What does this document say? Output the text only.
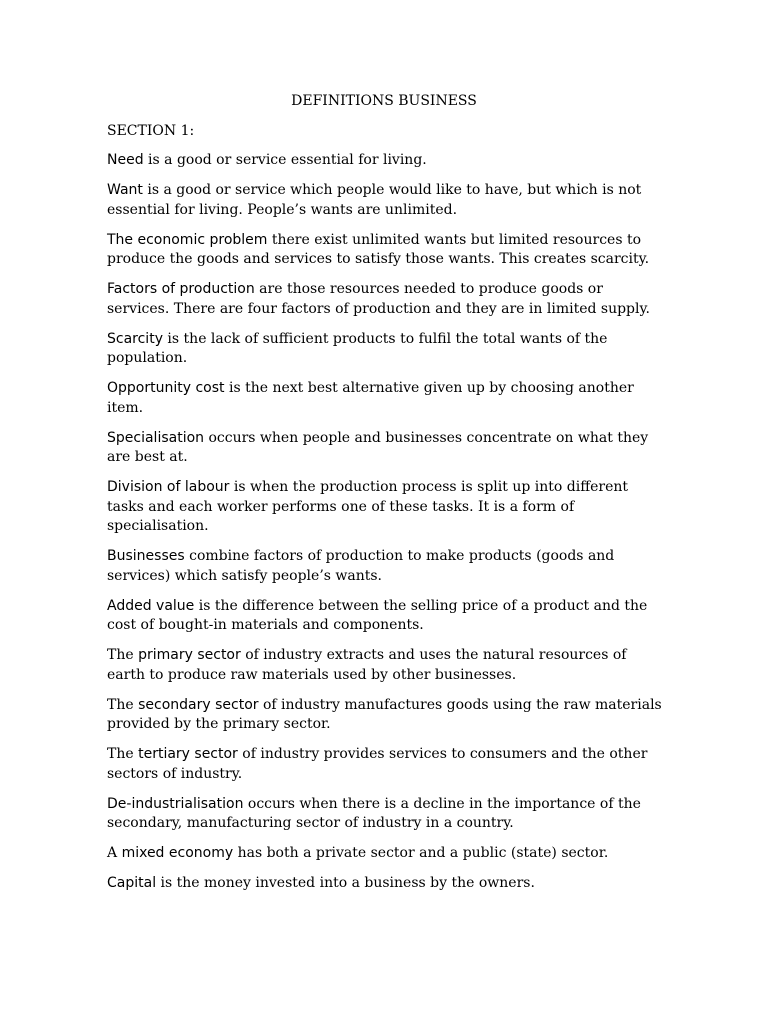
DEFINITIONS BUSINESS
SECTION 1:

Need is a good or service essential for living.

Want is a good or service which people would like to have, but which is not essential for living. People’s wants are unlimited.

The economic problem there exist unlimited wants but limited resources to produce the goods and services to satisfy those wants. This creates scarcity.

Factors of production are those resources needed to produce goods or services. There are four factors of production and they are in limited supply.

Scarcity is the lack of sufficient products to fulfil the total wants of the population.

Opportunity cost is the next best alternative given up by choosing another item.

Specialisation occurs when people and businesses concentrate on what they are best at.

Division of labour is when the production process is split up into different tasks and each worker performs one of these tasks. It is a form of specialisation.

Businesses combine factors of production to make products (goods and services) which satisfy people’s wants.

Added value is the difference between the selling price of a product and the cost of bought-in materials and components.

The primary sector of industry extracts and uses the natural resources of earth to produce raw materials used by other businesses.

The secondary sector of industry manufactures goods using the raw materials provided by the primary sector.

The tertiary sector of industry provides services to consumers and the other sectors of industry.

De-industrialisation occurs when there is a decline in the importance of the secondary, manufacturing sector of industry in a country.

A mixed economy has both a private sector and a public (state) sector.

Capital is the money invested into a business by the owners.
